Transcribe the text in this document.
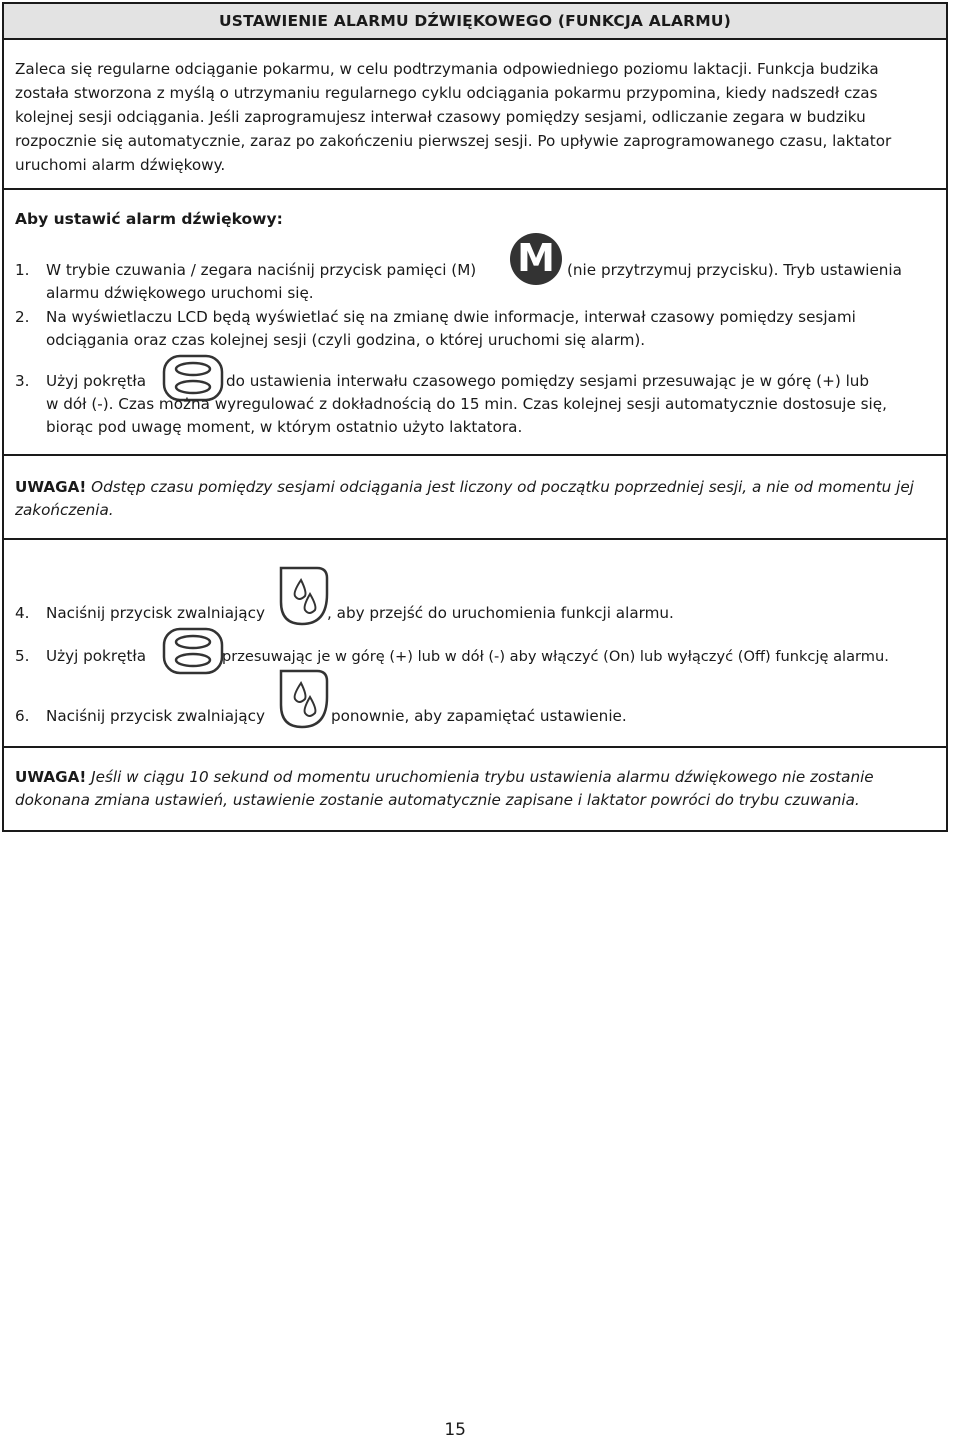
USTAWIENIE ALARMU DŹWIĘKOWEGO (FUNKCJA ALARMU)

Zaleca się regularne odciąganie pokarmu, w celu podtrzymania odpowiedniego poziomu laktacji. Funkcja budzika została stworzona z myślą o utrzymaniu regularnego cyklu odciągania pokarmu przypomina, kiedy nadszedł czas kolejnej sesji odciągania. Jeśli zaprogramujesz interwał czasowy pomiędzy sesjami, odliczanie zegara w budziku rozpocznie się automatycznie, zaraz po zakończeniu pierwszej sesji. Po upływie zaprogramowanego czasu, laktator uruchomi alarm dźwiękowy.

Aby ustawić alarm dźwiękowy:
1. W trybie czuwania / zegara naciśnij przycisk pamięci (M) M (nie przytrzymuj przycisku). Tryb ustawienia
alarmu dźwiękowego uruchomi się.
2. Na wyświetlaczu LCD będą wyświetlać się na zmianę dwie informacje, interwał czasowy pomiędzy sesjami
odciągania oraz czas kolejnej sesji (czyli godzina, o której uruchomi się alarm).
3. Użyj pokrętła	do ustawienia interwału czasowego pomiędzy sesjami przesuwając je w górę (+) lub
w dół (-). Czas można wyregulować z dokładnością do 15 min. Czas kolejnej sesji automatycznie dostosuje się,
biorąc pod uwagę moment, w którym ostatnio użyto laktatora.
UWAGA! Odstęp czasu pomiędzy sesjami odciągania jest liczony od początku poprzedniej sesji, a nie od momentu jej zakończenia.
4. Naciśnij przycisk zwalniający	, aby przejść do uruchomienia funkcji alarmu.
5. Użyj pokrętła	przesuwając je w górę (+) lub w dół (-) aby włączyć (On) lub wyłączyć (Off) funkcję alarmu.
6. Naciśnij przycisk zwalniający	ponownie, aby zapamiętać ustawienie.
UWAGA! Jeśli w ciągu 10 sekund od momentu uruchomienia trybu ustawienia alarmu dźwiękowego nie zostanie dokonana zmiana ustawień, ustawienie zostanie automatycznie zapisane i laktator powróci do trybu czuwania.
15
